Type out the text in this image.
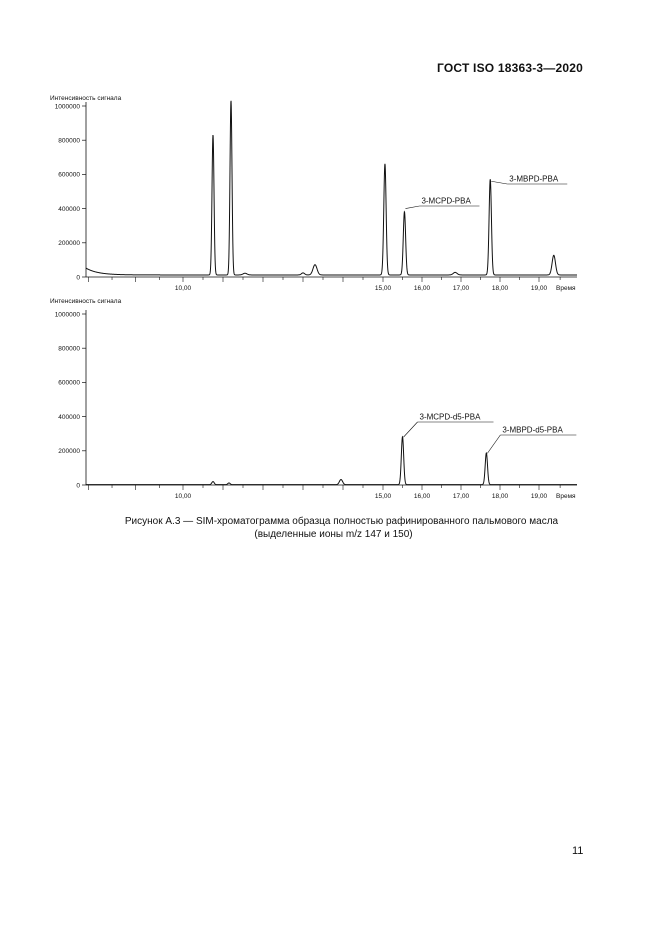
ГОСТ ISO 18363-3—2020
Интенсивность сигнала
1000000
800000
600000
400000
200000
0
10,00	15,00	16,00	17,00	18,00	19,00 Время
3-MCPD-PBA
3-MBPD-PBA
Интенсивность сигнала
1000000
800000
600000
400000
200000
0
10,00	15,00	16,00	17,00	18,00	19,00 Время
3-MCPD-d5-PBA
3-MBPD-d5-PBA
Рисунок А.3 — SIM-хроматограмма образца полностью рафинированного пальмового масла
(выделенные ионы m/z 147 и 150)
11
